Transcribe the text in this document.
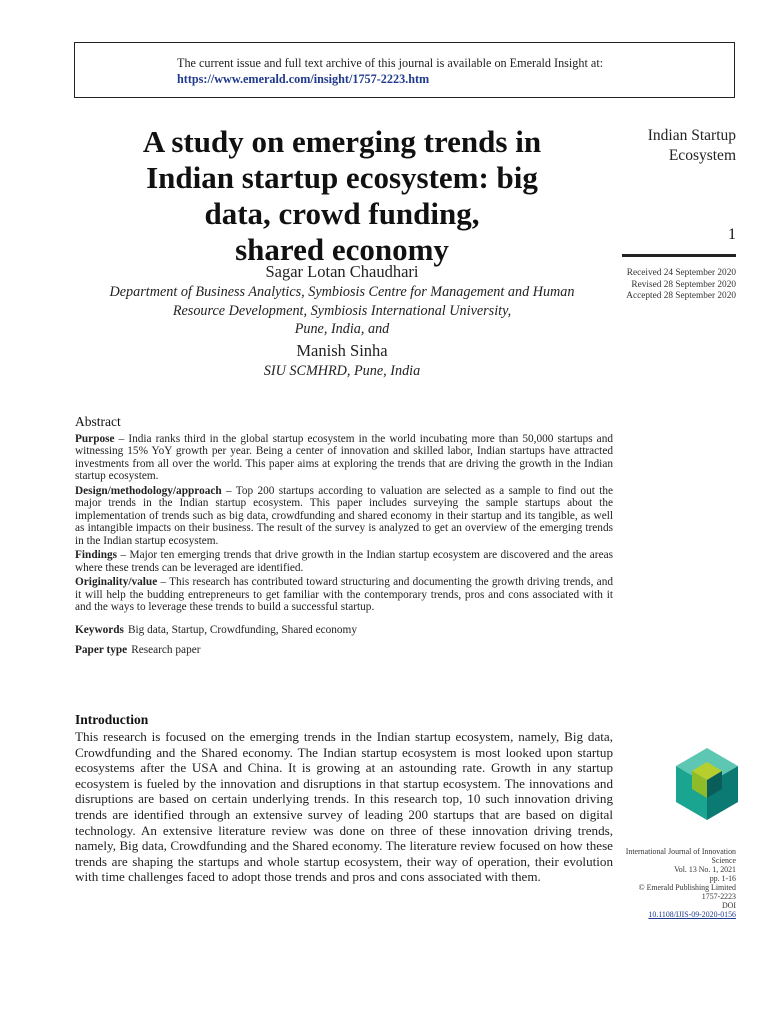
The current issue and full text archive of this journal is available on Emerald Insight at:
https://www.emerald.com/insight/1757-2223.htm
A study on emerging trends in
Indian startup ecosystem: big
data, crowd funding,
shared economy
Indian Startup
Ecosystem
1
Received 24 September 2020
Revised 28 September 2020
Accepted 28 September 2020
Sagar Lotan Chaudhari
Department of Business Analytics, Symbiosis Centre for Management and Human
Resource Development, Symbiosis International University,
Pune, India, and
Manish Sinha
SIU SCMHRD, Pune, India
Abstract

Purpose – India ranks third in the global startup ecosystem in the world incubating more than 50,000 startups and witnessing 15% YoY growth per year. Being a center of innovation and skilled labor, Indian startups have attracted investments from all over the world. This paper aims at exploring the trends that are driving the growth in the Indian startup ecosystem.

Design/methodology/approach – Top 200 startups according to valuation are selected as a sample to find out the major trends in the Indian startup ecosystem. This paper includes surveying the sample startups about the implementation of trends such as big data, crowdfunding and shared economy in their startup and its tangible, as well as intangible impacts on their business. The result of the survey is analyzed to get an overview of the emerging trends in the Indian startup ecosystem.

Findings – Major ten emerging trends that drive growth in the Indian startup ecosystem are discovered and the areas where these trends can be leveraged are identified.

Originality/value – This research has contributed toward structuring and documenting the growth driving trends, and it will help the budding entrepreneurs to get familiar with the contemporary trends, pros and cons associated with it and the ways to leverage these trends to build a successful startup.

Keywords Big data, Startup, Crowdfunding, Shared economy
Paper type Research paper
Introduction
This research is focused on the emerging trends in the Indian startup ecosystem, namely, Big data, Crowdfunding and the Shared economy. The Indian startup ecosystem is most looked upon startup ecosystems after the USA and China. It is growing at an astounding rate. Growth in any startup ecosystem is fueled by the innovation and disruptions in that startup ecosystem. The innovations and disruptions are based on certain underlying trends. In this research top, 10 such innovation driving trends are identified through an extensive survey of leading 200 startups that are based on digital technology. An extensive literature review was done on three of these innovation driving trends, namely, Big data, Crowdfunding and the Shared economy. The literature review focused on how these trends are shaping the startups and whole startup ecosystem, their way of operation, their evolution with time challenges faced to adopt those trends and pros and cons associated with them.
International Journal of Innovation
Science
Vol. 13 No. 1, 2021
pp. 1-16
© Emerald Publishing Limited
1757-2223
DOI
10.1108/IJIS-09-2020-0156
